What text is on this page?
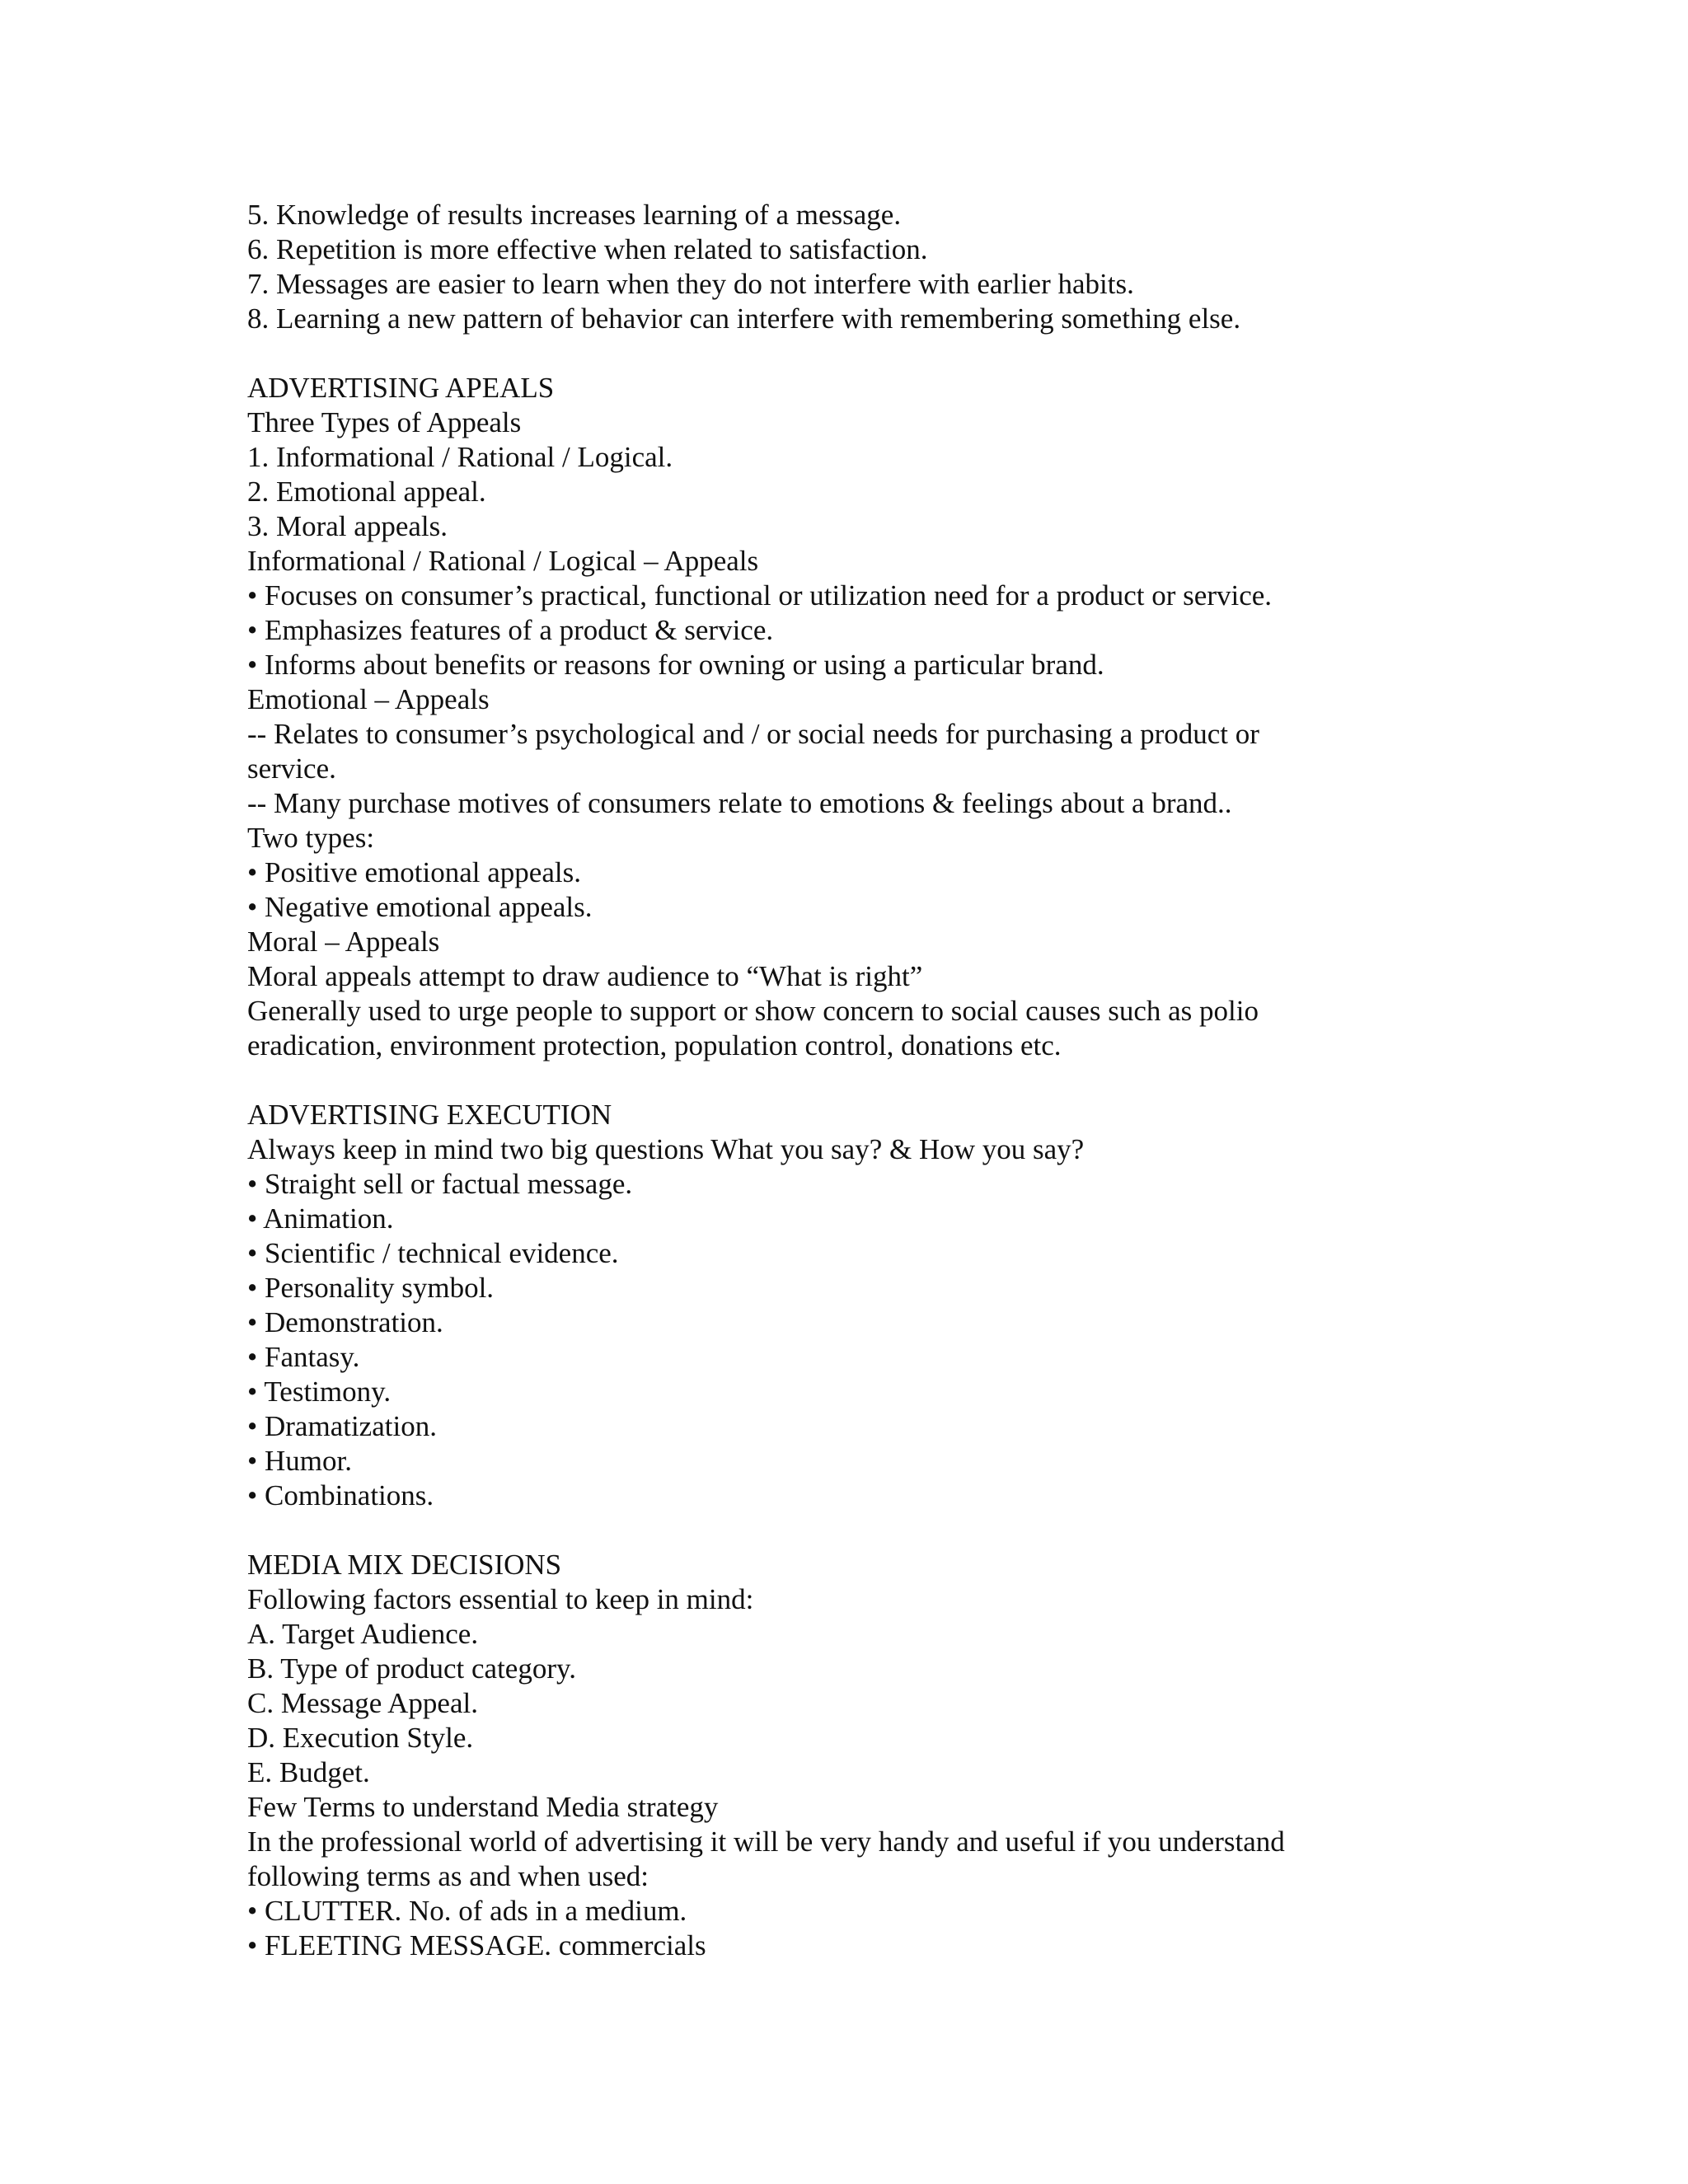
5. Knowledge of results increases learning of a message.
6. Repetition is more effective when related to satisfaction.
7. Messages are easier to learn when they do not interfere with earlier habits.
8. Learning a new pattern of behavior can interfere with remembering something else.
ADVERTISING APEALS
Three Types of Appeals
1. Informational / Rational / Logical.
2. Emotional appeal.
3. Moral appeals.
Informational / Rational / Logical – Appeals
• Focuses on consumer’s practical, functional or utilization need for a product or service.
• Emphasizes features of a product & service.
• Informs about benefits or reasons for owning or using a particular brand.
Emotional – Appeals
-- Relates to consumer’s psychological and / or social needs for purchasing a product or
service.
-- Many purchase motives of consumers relate to emotions & feelings about a brand..
Two types:
• Positive emotional appeals.
• Negative emotional appeals.
Moral – Appeals
Moral appeals attempt to draw audience to “What is right”
Generally used to urge people to support or show concern to social causes such as polio
eradication, environment protection, population control, donations etc.
ADVERTISING EXECUTION
Always keep in mind two big questions What you say? & How you say?
• Straight sell or factual message.
• Animation.
• Scientific / technical evidence.
• Personality symbol.
• Demonstration.
• Fantasy.
• Testimony.
• Dramatization.
• Humor.
• Combinations.
MEDIA MIX DECISIONS
Following factors essential to keep in mind:
A. Target Audience.
B. Type of product category.
C. Message Appeal.
D. Execution Style.
E. Budget.
Few Terms to understand Media strategy
In the professional world of advertising it will be very handy and useful if you understand
following terms as and when used:
• CLUTTER. No. of ads in a medium.
• FLEETING MESSAGE. commercials
